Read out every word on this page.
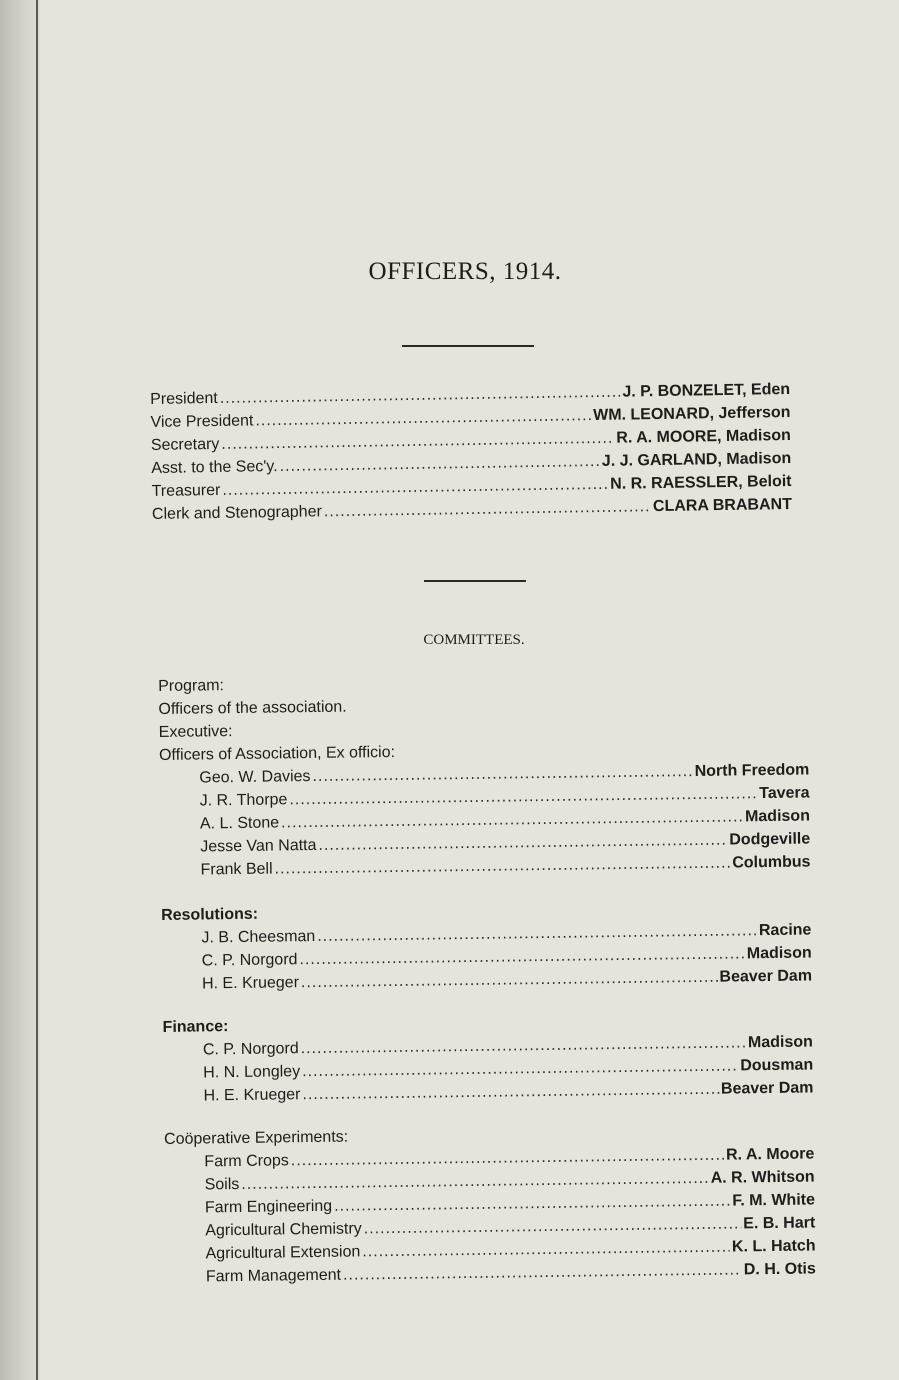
OFFICERS, 1914.
President .....	J. P. BONZELET, Eden
Vice President .....	WM. LEONARD, Jefferson
Secretary .....	R. A. MOORE, Madison
Asst. to the Sec'y. .....	J. J. GARLAND, Madison
Treasurer .....	N. R. RAESSLER, Beloit
Clerk and Stenographer .....	CLARA BRABANT
COMMITTEES.
Program:
Officers of the association.
Executive:
Officers of Association, Ex officio:
Geo. W. Davies .....	North Freedom
J. R. Thorpe .....	Tavera
A. L. Stone .....	Madison
Jesse Van Natta .....	Dodgeville
Frank Bell .....	Columbus
Resolutions:
J. B. Cheesman .....	Racine
C. P. Norgord .....	Madison
H. E. Krueger .....	Beaver Dam
Finance:
C. P. Norgord .....	Madison
H. N. Longley .....	Dousman
H. E. Krueger .....	Beaver Dam
Coöperative Experiments:
Farm Crops .....	R. A. Moore
Soils .....	A. R. Whitson
Farm Engineering .....	F. M. White
Agricultural Chemistry .....	E. B. Hart
Agricultural Extension .....	K. L. Hatch
Farm Management .....	D. H. Otis
